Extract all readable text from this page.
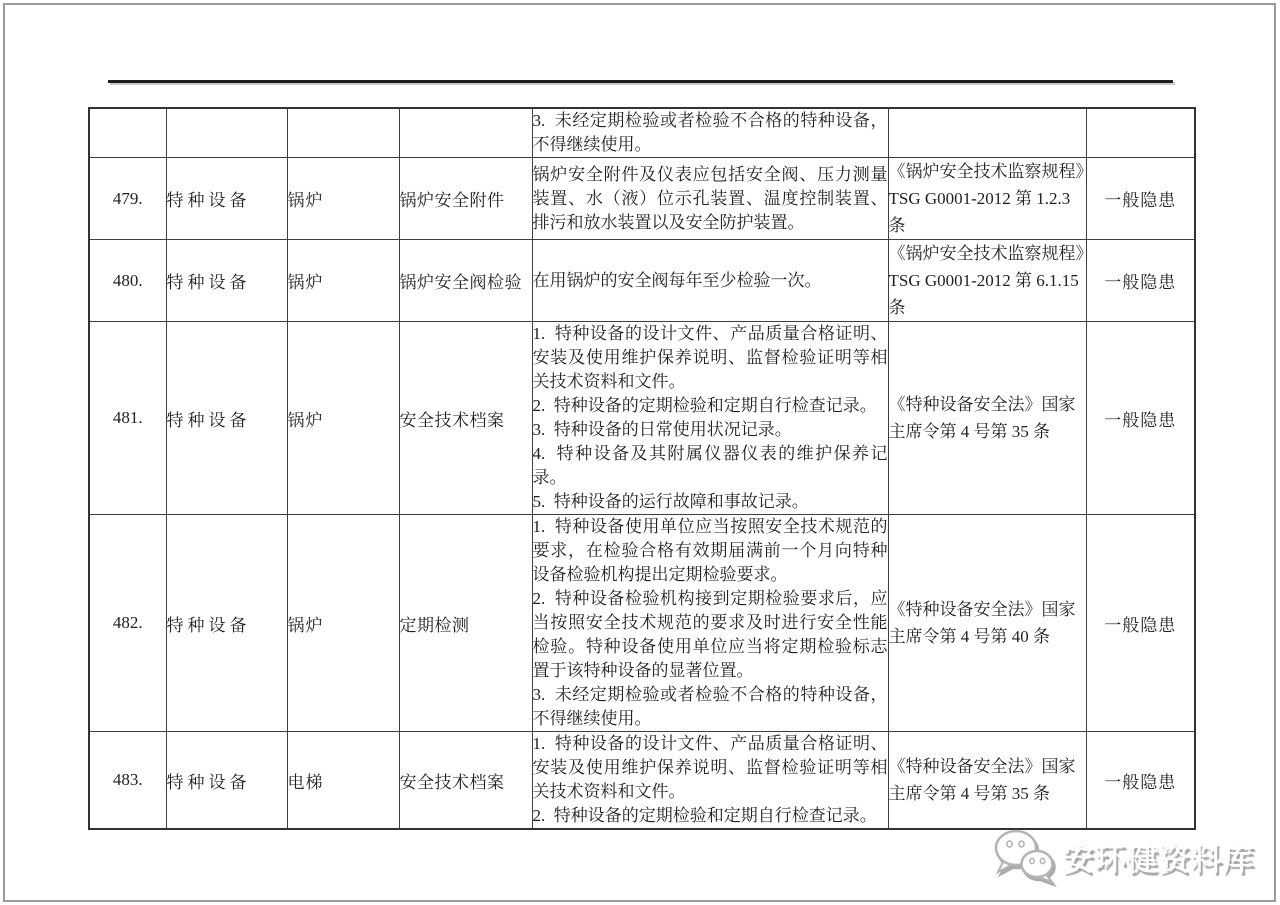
				3.  未经定期检验或者检验不合格的特种设备，不得继续使用。		

479.	特种设备	锅炉	锅炉安全附件	锅炉安全附件及仪表应包括安全阀、压力测量装置、水（液）位示孔装置、温度控制装置、排污和放水装置以及安全防护装置。	《锅炉安全技术监察规程》TSG G0001-2012 第 1.2.3 条	一般隐患
480.	特种设备	锅炉	锅炉安全阀检验	在用锅炉的安全阀每年至少检验一次。	《锅炉安全技术监察规程》TSG G0001-2012 第 6.1.15 条	一般隐患
481.	特种设备	锅炉	安全技术档案	1.  特种设备的设计文件、产品质量合格证明、安装及使用维护保养说明、监督检验证明等相关技术资料和文件。
2.  特种设备的定期检验和定期自行检查记录。
3.  特种设备的日常使用状况记录。
4.  特种设备及其附属仪器仪表的维护保养记录。
5.  特种设备的运行故障和事故记录。	《特种设备安全法》国家主席令第 4 号第 35 条	一般隐患
482.	特种设备	锅炉	定期检测	1.  特种设备使用单位应当按照安全技术规范的要求，在检验合格有效期届满前一个月向特种设备检验机构提出定期检验要求。
2.  特种设备检验机构接到定期检验要求后，应当按照安全技术规范的要求及时进行安全性能检验。特种设备使用单位应当将定期检验标志置于该特种设备的显著位置。
3.  未经定期检验或者检验不合格的特种设备，不得继续使用。	《特种设备安全法》国家主席令第 4 号第 40 条	一般隐患
483.	特种设备	电梯	安全技术档案	1.  特种设备的设计文件、产品质量合格证明、安装及使用维护保养说明、监督检验证明等相关技术资料和文件。
2.  特种设备的定期检验和定期自行检查记录。	《特种设备安全法》国家主席令第 4 号第 35 条	一般隐患
安环健资料库
